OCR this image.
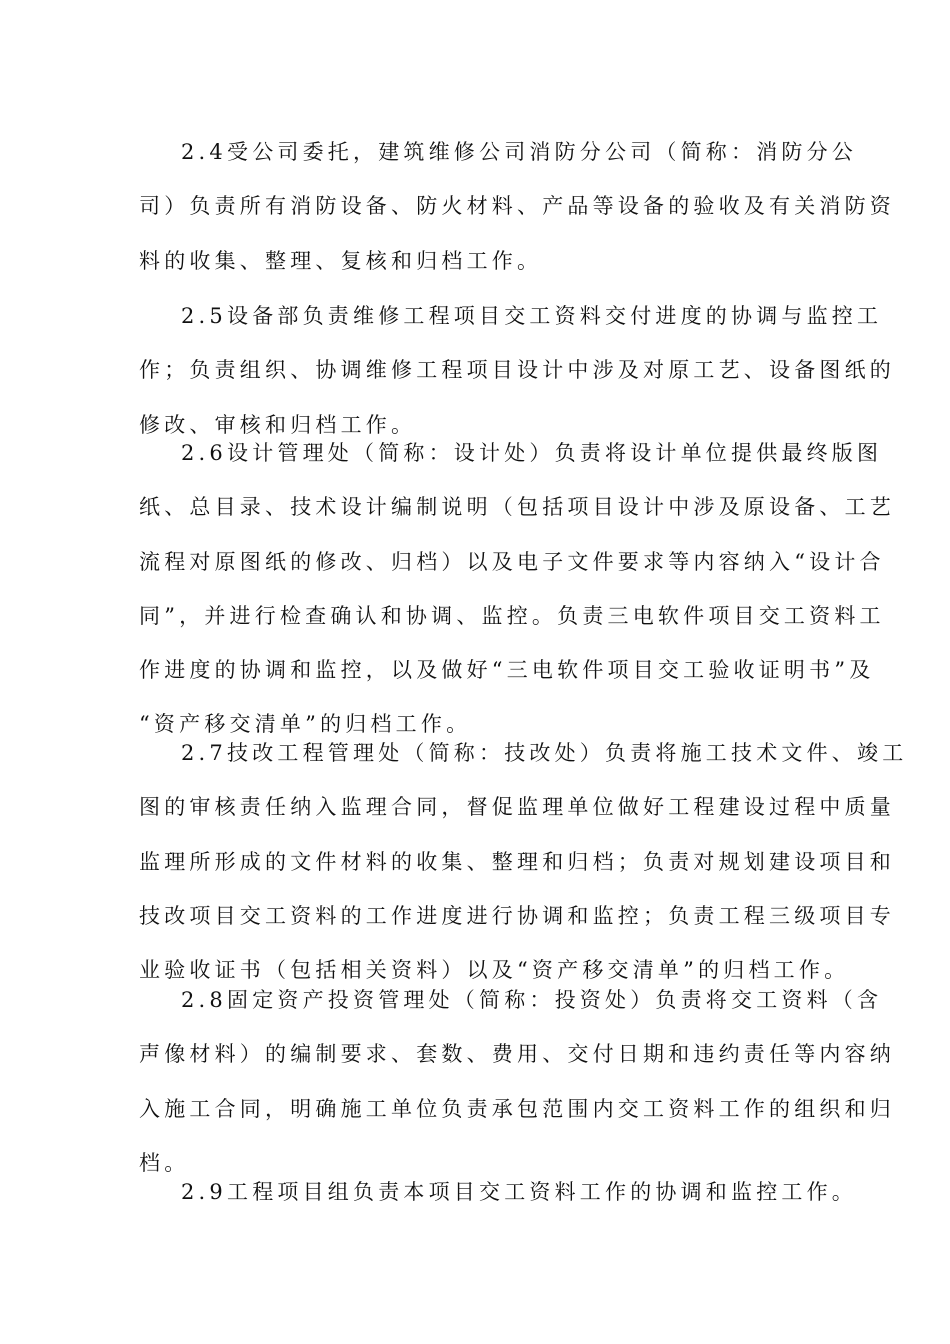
2.4受公司委托，建筑维修公司消防分公司（简称：消防分公
司）负责所有消防设备、防火材料、产品等设备的验收及有关消防资
料的收集、整理、复核和归档工作。

2.5设备部负责维修工程项目交工资料交付进度的协调与监控工
作；负责组织、协调维修工程项目设计中涉及对原工艺、设备图纸的
修改、审核和归档工作。

2.6设计管理处（简称：设计处）负责将设计单位提供最终版图
纸、总目录、技术设计编制说明（包括项目设计中涉及原设备、工艺
流程对原图纸的修改、归档）以及电子文件要求等内容纳入“设计合
同”，并进行检查确认和协调、监控。负责三电软件项目交工资料工
作进度的协调和监控，以及做好“三电软件项目交工验收证明书”及
“资产移交清单”的归档工作。

2.7技改工程管理处（简称：技改处）负责将施工技术文件、竣工
图的审核责任纳入监理合同，督促监理单位做好工程建设过程中质量
监理所形成的文件材料的收集、整理和归档；负责对规划建设项目和
技改项目交工资料的工作进度进行协调和监控；负责工程三级项目专
业验收证书（包括相关资料）以及“资产移交清单”的归档工作。

2.8固定资产投资管理处（简称：投资处）负责将交工资料（含
声像材料）的编制要求、套数、费用、交付日期和违约责任等内容纳
入施工合同，明确施工单位负责承包范围内交工资料工作的组织和归
档。

2.9工程项目组负责本项目交工资料工作的协调和监控工作。
